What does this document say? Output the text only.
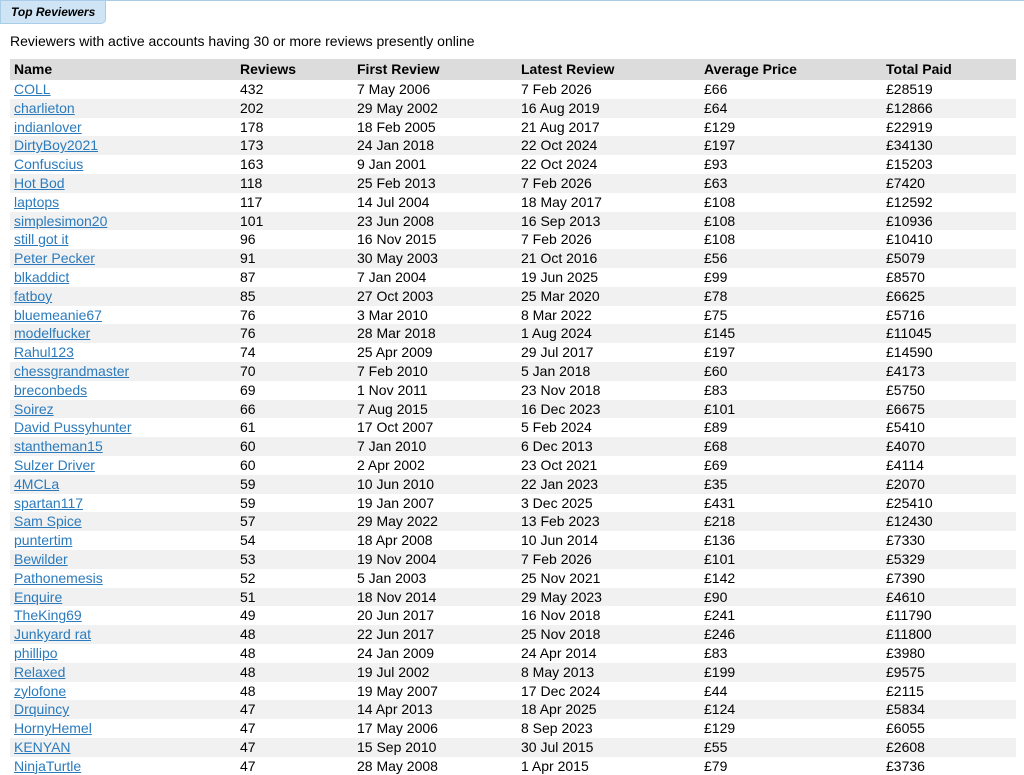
Top Reviewers
Reviewers with active accounts having 30 or more reviews presently online
Name	Reviews	First Review	Latest Review	Average Price	Total Paid
COLL	432	7 May 2006	7 Feb 2026	£66	£28519
charlieton	202	29 May 2002	16 Aug 2019	£64	£12866
indianlover	178	18 Feb 2005	21 Aug 2017	£129	£22919
DirtyBoy2021	173	24 Jan 2018	22 Oct 2024	£197	£34130
Confuscius	163	9 Jan 2001	22 Oct 2024	£93	£15203
Hot Bod	118	25 Feb 2013	7 Feb 2026	£63	£7420
laptops	117	14 Jul 2004	18 May 2017	£108	£12592
simplesimon20	101	23 Jun 2008	16 Sep 2013	£108	£10936
still got it	96	16 Nov 2015	7 Feb 2026	£108	£10410
Peter Pecker	91	30 May 2003	21 Oct 2016	£56	£5079
blkaddict	87	7 Jan 2004	19 Jun 2025	£99	£8570
fatboy	85	27 Oct 2003	25 Mar 2020	£78	£6625
bluemeanie67	76	3 Mar 2010	8 Mar 2022	£75	£5716
modelfucker	76	28 Mar 2018	1 Aug 2024	£145	£11045
Rahul123	74	25 Apr 2009	29 Jul 2017	£197	£14590
chessgrandmaster	70	7 Feb 2010	5 Jan 2018	£60	£4173
breconbeds	69	1 Nov 2011	23 Nov 2018	£83	£5750
Soirez	66	7 Aug 2015	16 Dec 2023	£101	£6675
David Pussyhunter	61	17 Oct 2007	5 Feb 2024	£89	£5410
stantheman15	60	7 Jan 2010	6 Dec 2013	£68	£4070
Sulzer Driver	60	2 Apr 2002	23 Oct 2021	£69	£4114
4MCLa	59	10 Jun 2010	22 Jan 2023	£35	£2070
spartan117	59	19 Jan 2007	3 Dec 2025	£431	£25410
Sam Spice	57	29 May 2022	13 Feb 2023	£218	£12430
puntertim	54	18 Apr 2008	10 Jun 2014	£136	£7330
Bewilder	53	19 Nov 2004	7 Feb 2026	£101	£5329
Pathonemesis	52	5 Jan 2003	25 Nov 2021	£142	£7390
Enquire	51	18 Nov 2014	29 May 2023	£90	£4610
TheKing69	49	20 Jun 2017	16 Nov 2018	£241	£11790
Junkyard rat	48	22 Jun 2017	25 Nov 2018	£246	£11800
phillipo	48	24 Jan 2009	24 Apr 2014	£83	£3980
Relaxed	48	19 Jul 2002	8 May 2013	£199	£9575
zylofone	48	19 May 2007	17 Dec 2024	£44	£2115
Drquincy	47	14 Apr 2013	18 Apr 2025	£124	£5834
HornyHemel	47	17 May 2006	8 Sep 2023	£129	£6055
KENYAN	47	15 Sep 2010	30 Jul 2015	£55	£2608
NinjaTurtle	47	28 May 2008	1 Apr 2015	£79	£3736
